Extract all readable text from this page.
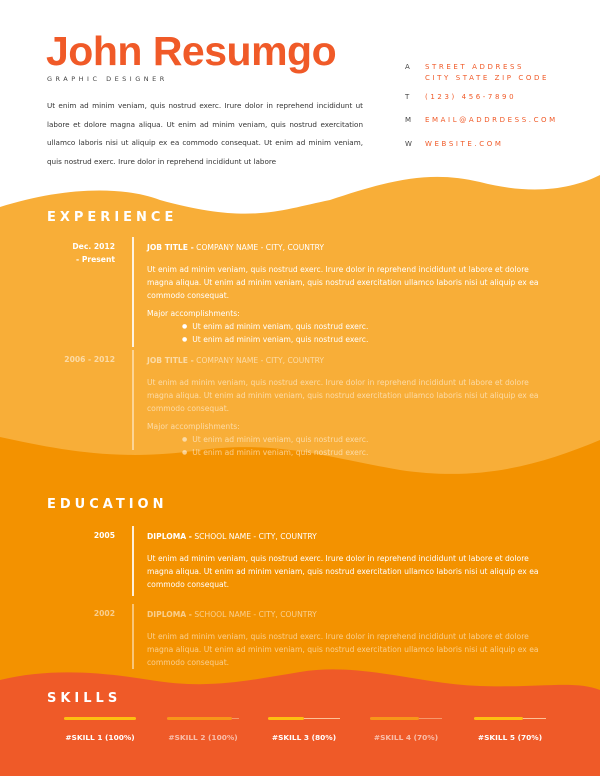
John Resumgo
GRAPHIC DESIGNER
Ut enim ad minim veniam, quis nostrud exerc. Irure dolor in reprehend incididunt ut labore et dolore magna aliqua. Ut enim ad minim veniam, quis nostrud exercitation ullamco laboris nisi ut aliquip ex ea commodo consequat. Ut enim ad minim veniam, quis nostrud exerc. Irure dolor in reprehend incididunt ut labore
A STREET ADDRESS
CITY STATE ZIP CODE
T (123) 456-7890
M EMAIL@ADDRDESS.COM
W WEBSITE.COM
EXPERIENCE
Dec. 2012
- Present
JOB TITLE - COMPANY NAME - CITY, COUNTRY
Ut enim ad minim veniam, quis nostrud exerc. Irure dolor in reprehend incididunt ut labore et dolore magna aliqua. Ut enim ad minim veniam, quis nostrud exercitation ullamco laboris nisi ut aliquip ex ea commodo consequat.
Major accomplishments:
● Ut enim ad minim veniam, quis nostrud exerc.
● Ut enim ad minim veniam, quis nostrud exerc.
2006 - 2012	JOB TITLE - COMPANY NAME - CITY, COUNTRY
Ut enim ad minim veniam, quis nostrud exerc. Irure dolor in reprehend incididunt ut labore et dolore magna aliqua. Ut enim ad minim veniam, quis nostrud exercitation ullamco laboris nisi ut aliquip ex ea commodo consequat.
Major accomplishments:
● Ut enim ad minim veniam, quis nostrud exerc.
● Ut enim ad minim veniam, quis nostrud exerc.
EDUCATION
2005	DIPLOMA - SCHOOL NAME - CITY, COUNTRY
Ut enim ad minim veniam, quis nostrud exerc. Irure dolor in reprehend incididunt ut labore et dolore magna aliqua. Ut enim ad minim veniam, quis nostrud exercitation ullamco laboris nisi ut aliquip ex ea commodo consequat.
2002	DIPLOMA - SCHOOL NAME - CITY, COUNTRY
Ut enim ad minim veniam, quis nostrud exerc. Irure dolor in reprehend incididunt ut labore et dolore magna aliqua. Ut enim ad minim veniam, quis nostrud exercitation ullamco laboris nisi ut aliquip ex ea commodo consequat.
SKILLS
#SKILL 1 (100%)	#SKILL 2 (100%)	#SKILL 3 (80%)	#SKILL 4 (70%)	#SKILL 5 (70%)
